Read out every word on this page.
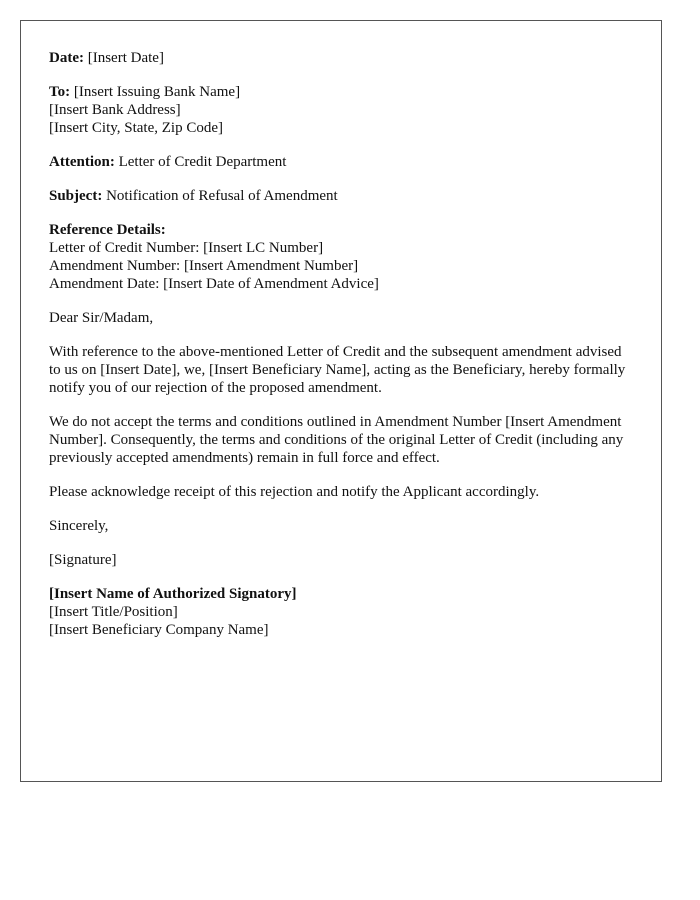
Date: [Insert Date]

To: [Insert Issuing Bank Name]
[Insert Bank Address]
[Insert City, State, Zip Code]

Attention: Letter of Credit Department

Subject: Notification of Refusal of Amendment

Reference Details:
Letter of Credit Number: [Insert LC Number]
Amendment Number: [Insert Amendment Number]
Amendment Date: [Insert Date of Amendment Advice]

Dear Sir/Madam,

With reference to the above-mentioned Letter of Credit and the subsequent amendment advised to us on [Insert Date], we, [Insert Beneficiary Name], acting as the Beneficiary, hereby formally notify you of our rejection of the proposed amendment.

We do not accept the terms and conditions outlined in Amendment Number [Insert Amendment Number]. Consequently, the terms and conditions of the original Letter of Credit (including any previously accepted amendments) remain in full force and effect.

Please acknowledge receipt of this rejection and notify the Applicant accordingly.

Sincerely,

[Signature]

[Insert Name of Authorized Signatory]
[Insert Title/Position]
[Insert Beneficiary Company Name]
